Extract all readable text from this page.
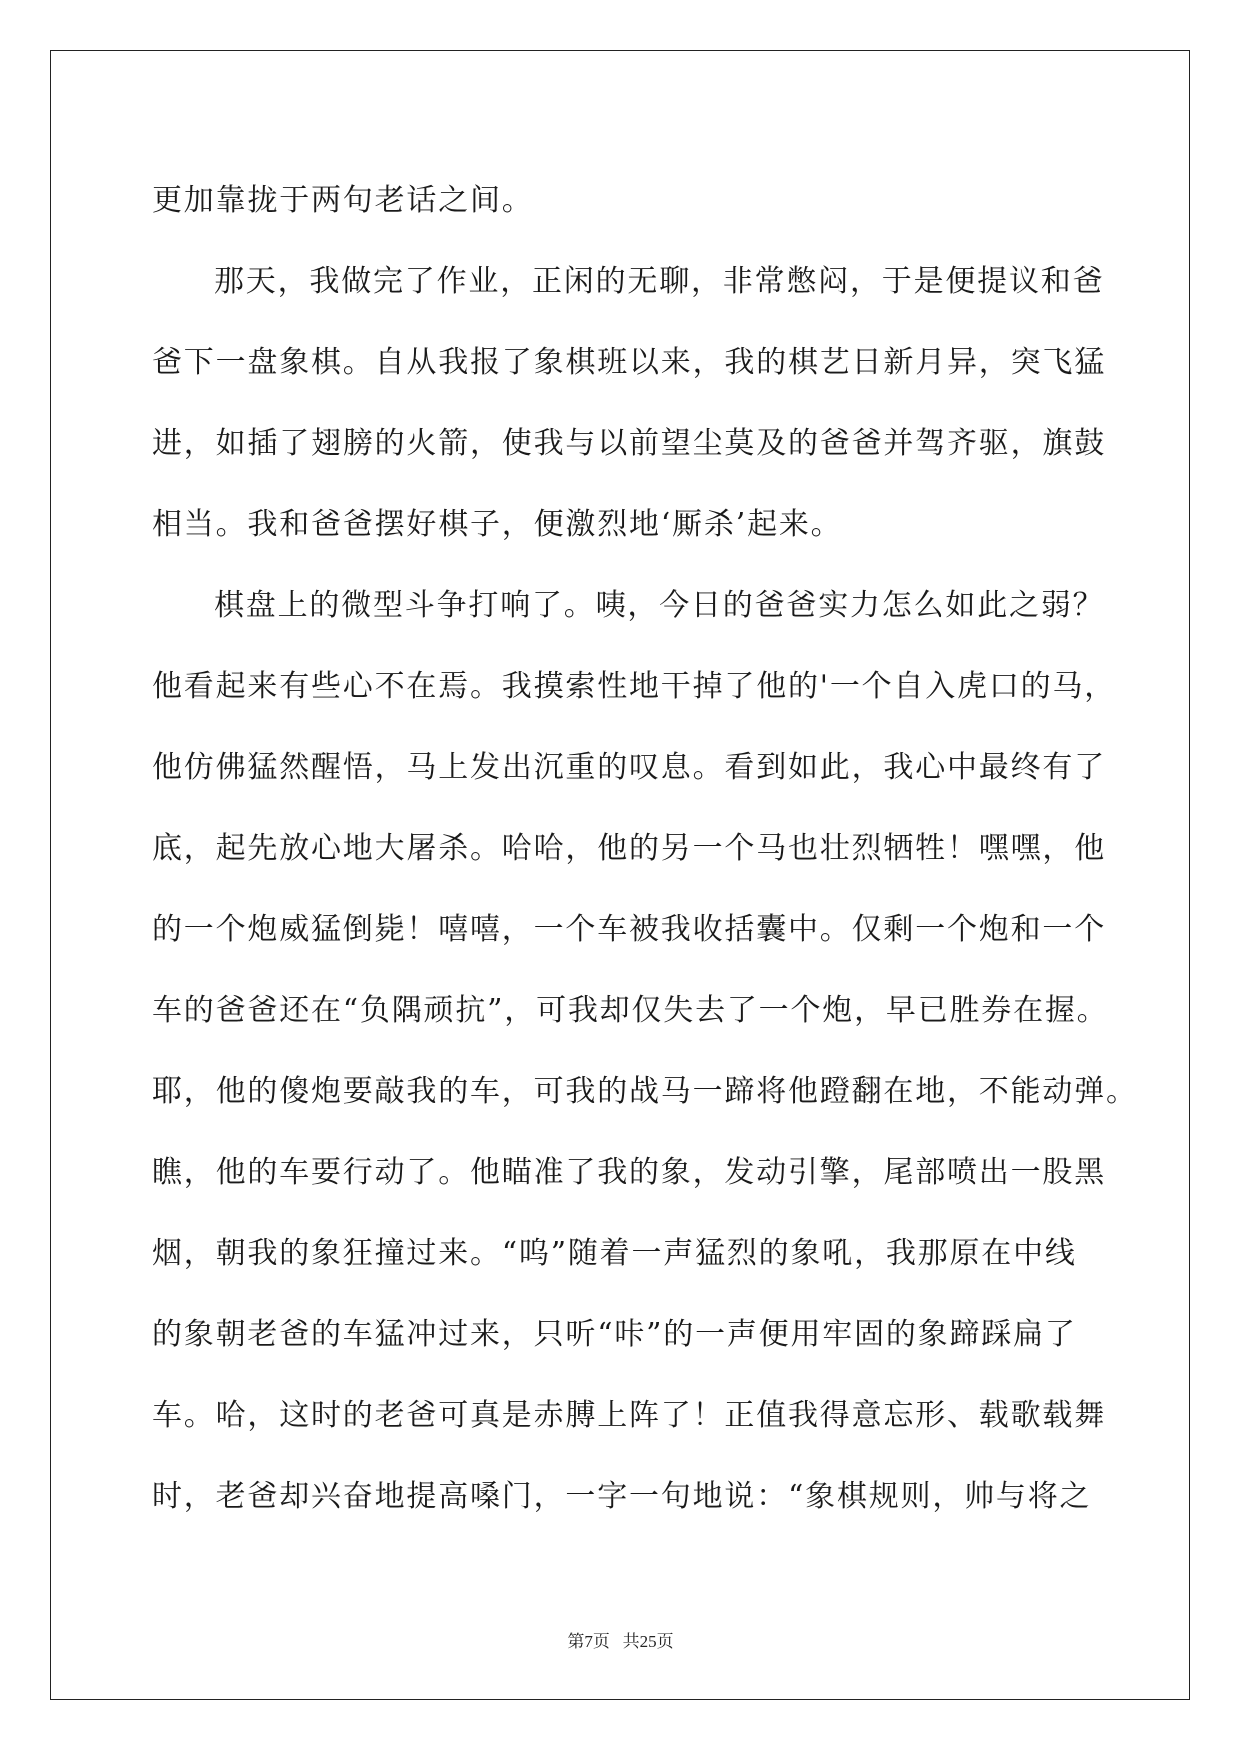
更加靠拢于两句老话之间。
那天，我做完了作业，正闲的无聊，非常憋闷，于是便提议和爸
爸下一盘象棋。自从我报了象棋班以来，我的棋艺日新月异，突飞猛
进，如插了翅膀的火箭，使我与以前望尘莫及的爸爸并驾齐驱，旗鼓
相当。我和爸爸摆好棋子，便激烈地‘厮杀’起来。
棋盘上的微型斗争打响了。咦，今日的爸爸实力怎么如此之弱？
他看起来有些心不在焉。我摸索性地干掉了他的'一个自入虎口的马，
他仿佛猛然醒悟，马上发出沉重的叹息。看到如此，我心中最终有了
底，起先放心地大屠杀。哈哈，他的另一个马也壮烈牺牲！嘿嘿，他
的一个炮威猛倒毙！嘻嘻，一个车被我收括囊中。仅剩一个炮和一个
车的爸爸还在“负隅顽抗”，可我却仅失去了一个炮，早已胜券在握。
耶，他的傻炮要敲我的车，可我的战马一蹄将他蹬翻在地，不能动弹。
瞧，他的车要行动了。他瞄准了我的象，发动引擎，尾部喷出一股黑
烟，朝我的象狂撞过来。“呜”随着一声猛烈的象吼，我那原在中线
的象朝老爸的车猛冲过来，只听“咔”的一声便用牢固的象蹄踩扁了
车。哈，这时的老爸可真是赤膊上阵了！正值我得意忘形、载歌载舞
时，老爸却兴奋地提高嗓门，一字一句地说：“象棋规则，帅与将之
第7页 共25页
